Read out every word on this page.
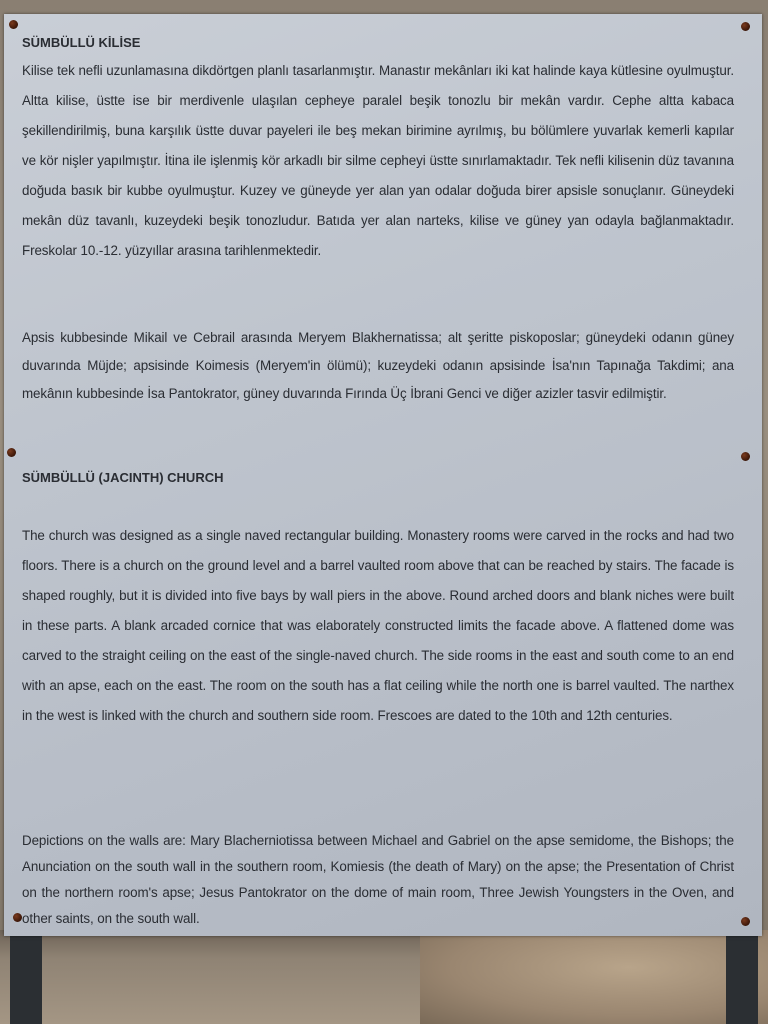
SÜMBÜLLÜ KİLİSE
Kilise tek nefli uzunlamasına dikdörtgen planlı tasarlanmıştır. Manastır mekânları iki kat halinde kaya kütlesine oyulmuştur. Altta kilise, üstte ise bir merdivenle ulaşılan cepheye paralel beşik tonozlu bir mekân vardır. Cephe altta kabaca şekillendirilmiş, buna karşılık üstte duvar payeleri ile beş mekan birimine ayrılmış, bu bölümlere yuvarlak kemerli kapılar ve kör nişler yapılmıştır. İtina ile işlenmiş kör arkadlı bir silme cepheyi üstte sınırlamaktadır. Tek nefli kilisenin düz tavanına doğuda basık bir kubbe oyulmuştur. Kuzey ve güneyde yer alan yan odalar doğuda birer apsisle sonuçlanır. Güneydeki mekân düz tavanlı, kuzeydeki beşik tonozludur. Batıda yer alan narteks, kilise ve güney yan odayla bağlanmaktadır. Freskolar 10.-12. yüzyıllar arasına tarihlenmektedir.
Apsis kubbesinde Mikail ve Cebrail arasında Meryem Blakhernatissa; alt şeritte piskoposlar; güneydeki odanın güney duvarında Müjde; apsisinde Koimesis (Meryem'in ölümü); kuzeydeki odanın apsisinde İsa'nın Tapınağa Takdimi; ana mekânın kubbesinde İsa Pantokrator, güney duvarında Fırında Üç İbrani Genci ve diğer azizler tasvir edilmiştir.
SÜMBÜLLÜ (JACINTH) CHURCH
The church was designed as a single naved rectangular building. Monastery rooms were carved in the rocks and had two floors. There is a church on the ground level and a barrel vaulted room above that can be reached by stairs. The facade is shaped roughly, but it is divided into five bays by wall piers in the above. Round arched doors and blank niches were built in these parts. A blank arcaded cornice that was elaborately constructed limits the facade above. A flattened dome was carved to the straight ceiling on the east of the single-naved church. The side rooms in the east and south come to an end with an apse, each on the east. The room on the south has a flat ceiling while the north one is barrel vaulted. The narthex in the west is linked with the church and southern side room. Frescoes are dated to the 10th and 12th centuries.
Depictions on the walls are: Mary Blacherniotissa between Michael and Gabriel on the apse semidome, the Bishops; the Anunciation on the south wall in the southern room, Komiesis (the death of Mary) on the apse; the Presentation of Christ on the northern room's apse; Jesus Pantokrator on the dome of main room, Three Jewish Youngsters in the Oven, and other saints, on the south wall.
